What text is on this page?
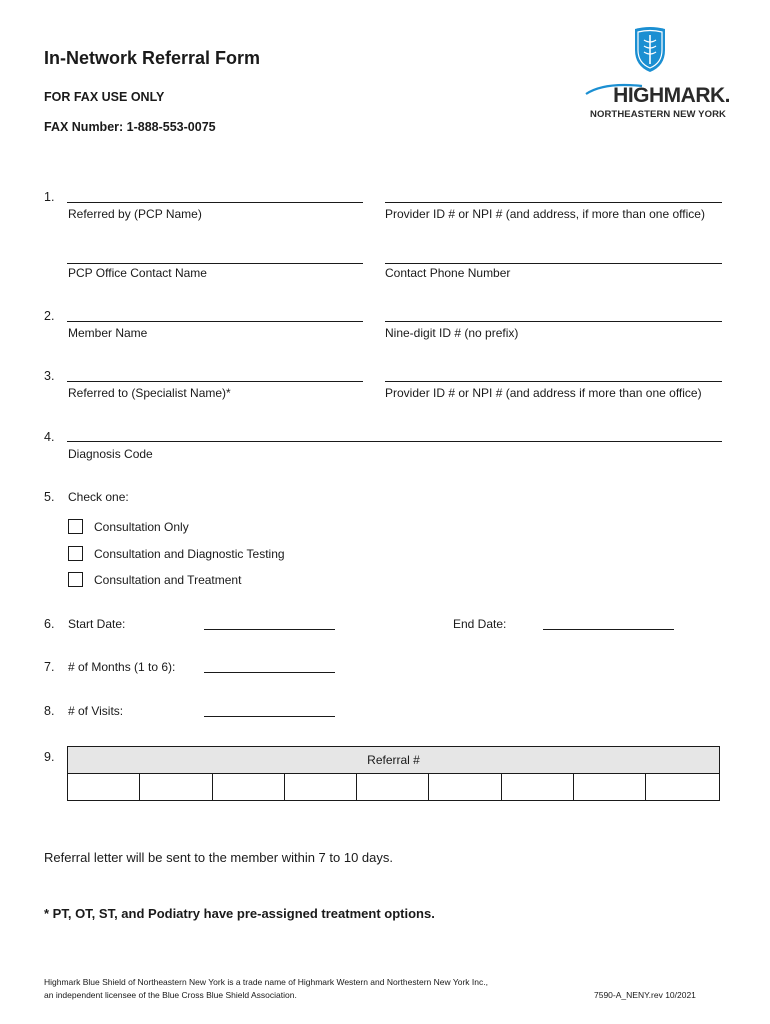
In-Network Referral Form
FOR FAX USE ONLY
FAX Number: 1-888-553-0075
HIGHMARK.
NORTHEASTERN NEW YORK
1.
Referred by (PCP Name)	Provider ID # or NPI # (and address, if more than one office)
PCP Office Contact Name	Contact Phone Number
2.
Member Name	Nine-digit ID # (no prefix)
3.
Referred to (Specialist Name)*	Provider ID # or NPI # (and address if more than one office)
4.
Diagnosis Code
5. Check one:
Consultation Only
Consultation and Diagnostic Testing
Consultation and Treatment
6. Start Date:	End Date:
7. # of Months (1 to 6):
8. # of Visits:
9.	Referral #

Referral letter will be sent to the member within 7 to 10 days.
* PT, OT, ST, and Podiatry have pre-assigned treatment options.
Highmark Blue Shield of Northeastern New York is a trade name of Highmark Western and Northestern New York Inc.,
an independent licensee of the Blue Cross Blue Shield Association.	7590-A_NENY.rev 10/2021
